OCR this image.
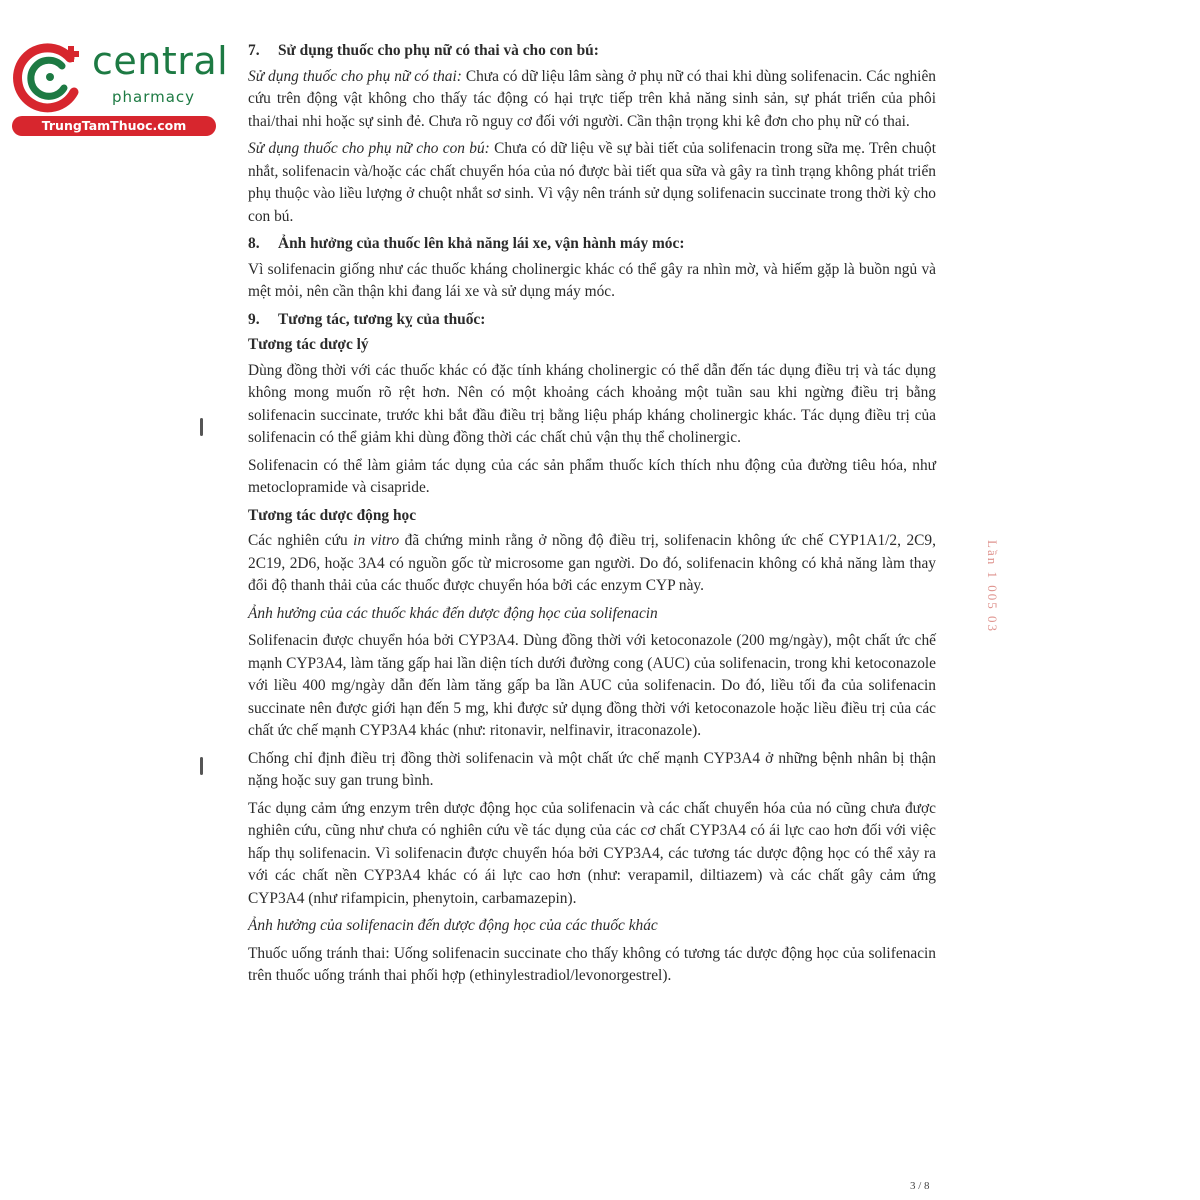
central
pharmacy
TrungTamThuoc.com

7. Sử dụng thuốc cho phụ nữ có thai và cho con bú:

Sử dụng thuốc cho phụ nữ có thai: Chưa có dữ liệu lâm sàng ở phụ nữ có thai khi dùng solifenacin. Các nghiên cứu trên động vật không cho thấy tác động có hại trực tiếp trên khả năng sinh sản, sự phát triển của phôi thai/thai nhi hoặc sự sinh đẻ. Chưa rõ nguy cơ đối với người. Cần thận trọng khi kê đơn cho phụ nữ có thai.

Sử dụng thuốc cho phụ nữ cho con bú: Chưa có dữ liệu về sự bài tiết của solifenacin trong sữa mẹ. Trên chuột nhắt, solifenacin và/hoặc các chất chuyển hóa của nó được bài tiết qua sữa và gây ra tình trạng không phát triển phụ thuộc vào liều lượng ở chuột nhắt sơ sinh. Vì vậy nên tránh sử dụng solifenacin succinate trong thời kỳ cho con bú.

8. Ảnh hưởng của thuốc lên khả năng lái xe, vận hành máy móc:

Vì solifenacin giống như các thuốc kháng cholinergic khác có thể gây ra nhìn mờ, và hiếm gặp là buồn ngủ và mệt mỏi, nên cần thận khi đang lái xe và sử dụng máy móc.

9. Tương tác, tương kỵ của thuốc:

Tương tác dược lý

Dùng đồng thời với các thuốc khác có đặc tính kháng cholinergic có thể dẫn đến tác dụng điều trị và tác dụng không mong muốn rõ rệt hơn. Nên có một khoảng cách khoảng một tuần sau khi ngừng điều trị bằng solifenacin succinate, trước khi bắt đầu điều trị bằng liệu pháp kháng cholinergic khác. Tác dụng điều trị của solifenacin có thể giảm khi dùng đồng thời các chất chủ vận thụ thể cholinergic.

Solifenacin có thể làm giảm tác dụng của các sản phẩm thuốc kích thích nhu động của đường tiêu hóa, như metoclopramide và cisapride.

Tương tác dược động học

Các nghiên cứu in vitro đã chứng minh rằng ở nồng độ điều trị, solifenacin không ức chế CYP1A1/2, 2C9, 2C19, 2D6, hoặc 3A4 có nguồn gốc từ microsome gan người. Do đó, solifenacin không có khả năng làm thay đổi độ thanh thải của các thuốc được chuyển hóa bởi các enzym CYP này.

Ảnh hưởng của các thuốc khác đến dược động học của solifenacin

Solifenacin được chuyển hóa bởi CYP3A4. Dùng đồng thời với ketoconazole (200 mg/ngày), một chất ức chế mạnh CYP3A4, làm tăng gấp hai lần diện tích dưới đường cong (AUC) của solifenacin, trong khi ketoconazole với liều 400 mg/ngày dẫn đến làm tăng gấp ba lần AUC của solifenacin. Do đó, liều tối đa của solifenacin succinate nên được giới hạn đến 5 mg, khi được sử dụng đồng thời với ketoconazole hoặc liều điều trị của các chất ức chế mạnh CYP3A4 khác (như: ritonavir, nelfinavir, itraconazole).

Chống chỉ định điều trị đồng thời solifenacin và một chất ức chế mạnh CYP3A4 ở những bệnh nhân bị thận nặng hoặc suy gan trung bình.

Tác dụng cảm ứng enzym trên dược động học của solifenacin và các chất chuyển hóa của nó cũng chưa được nghiên cứu, cũng như chưa có nghiên cứu về tác dụng của các cơ chất CYP3A4 có ái lực cao hơn đối với việc hấp thụ solifenacin. Vì solifenacin được chuyển hóa bởi CYP3A4, các tương tác dược động học có thể xảy ra với các chất nền CYP3A4 khác có ái lực cao hơn (như: verapamil, diltiazem) và các chất gây cảm ứng CYP3A4 (như rifampicin, phenytoin, carbamazepin).

Ảnh hưởng của solifenacin đến dược động học của các thuốc khác

Thuốc uống tránh thai: Uống solifenacin succinate cho thấy không có tương tác dược động học của solifenacin trên thuốc uống tránh thai phối hợp (ethinylestradiol/levonorgestrel).

Lần 1 005 03
3 / 8
